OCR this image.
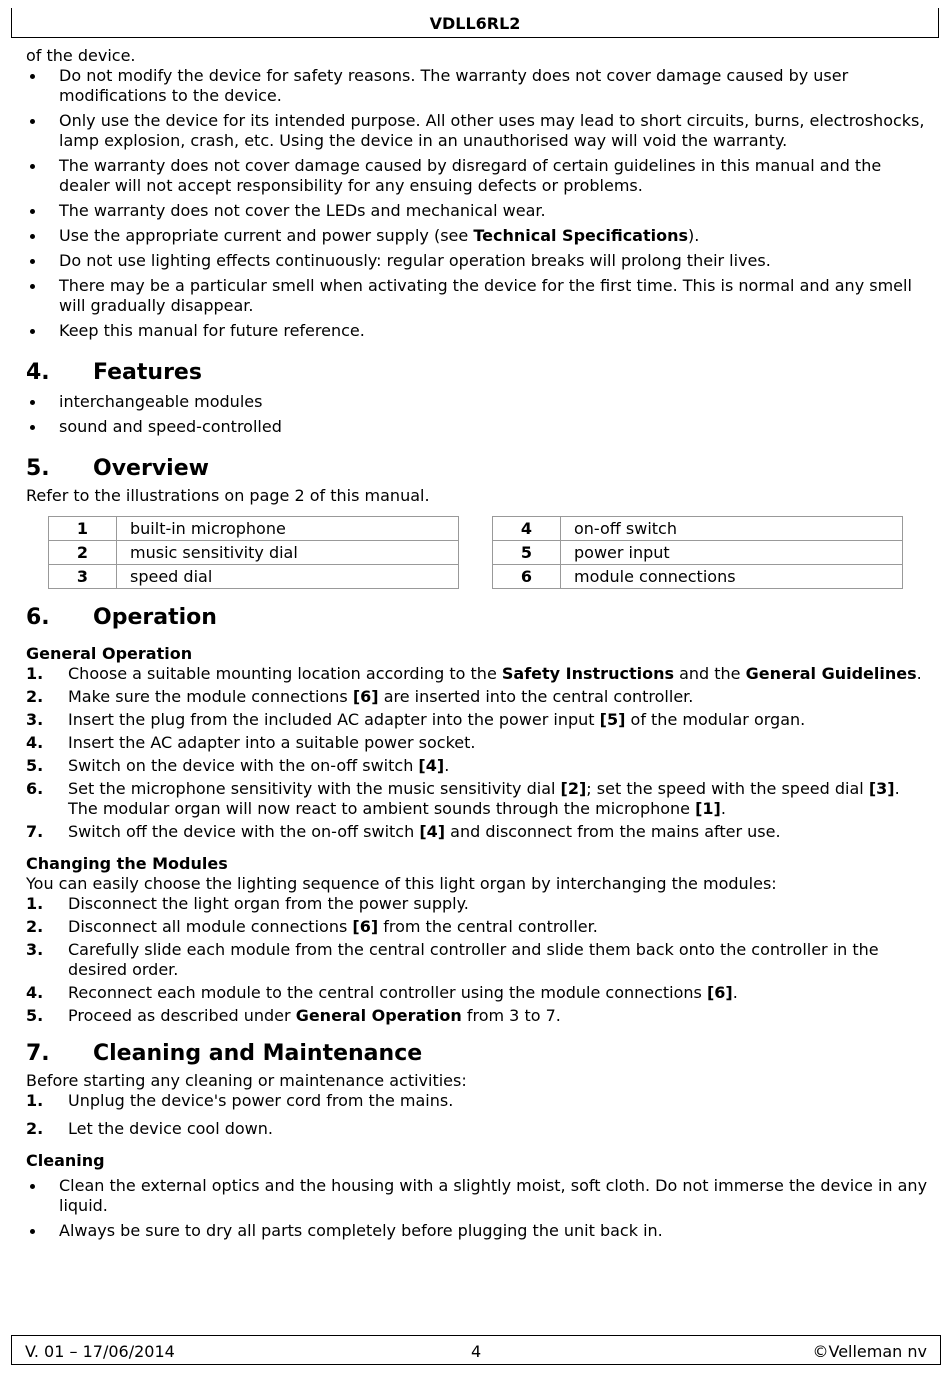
VDLL6RL2

of the device.

Do not modify the device for safety reasons. The warranty does not cover damage caused by user modifications to the device.
Only use the device for its intended purpose. All other uses may lead to short circuits, burns, electroshocks, lamp explosion, crash, etc. Using the device in an unauthorised way will void the warranty.
The warranty does not cover damage caused by disregard of certain guidelines in this manual and the dealer will not accept responsibility for any ensuing defects or problems.
The warranty does not cover the LEDs and mechanical wear.
Use the appropriate current and power supply (see Technical Specifications).
Do not use lighting effects continuously: regular operation breaks will prolong their lives.
There may be a particular smell when activating the device for the first time. This is normal and any smell will gradually disappear.
Keep this manual for future reference.
4.	Features
interchangeable modules
sound and speed-controlled
5.	Overview

Refer to the illustrations on page 2 of this manual.

1	built-in microphone
2	music sensitivity dial
3	speed dial
4	on-off switch
5	power input
6	module connections
6.	Operation
General Operation
1. Choose a suitable mounting location according to the Safety Instructions and the General Guidelines.
2. Make sure the module connections [6] are inserted into the central controller.
3. Insert the plug from the included AC adapter into the power input [5] of the modular organ.
4. Insert the AC adapter into a suitable power socket.
5. Switch on the device with the on-off switch [4].
6. Set the microphone sensitivity with the music sensitivity dial [2]; set the speed with the speed dial [3]. The modular organ will now react to ambient sounds through the microphone [1].
7. Switch off the device with the on-off switch [4] and disconnect from the mains after use.
Changing the Modules

You can easily choose the lighting sequence of this light organ by interchanging the modules:

1. Disconnect the light organ from the power supply.
2. Disconnect all module connections [6] from the central controller.
3. Carefully slide each module from the central controller and slide them back onto the controller in the desired order.
4. Reconnect each module to the central controller using the module connections [6].
5. Proceed as described under General Operation from 3 to 7.
7.	Cleaning and Maintenance

Before starting any cleaning or maintenance activities:

1. Unplug the device's power cord from the mains.
2. Let the device cool down.
Cleaning
Clean the external optics and the housing with a slightly moist, soft cloth. Do not immerse the device in any liquid.
Always be sure to dry all parts completely before plugging the unit back in.
V. 01 – 17/06/2014	4	©Velleman nv
